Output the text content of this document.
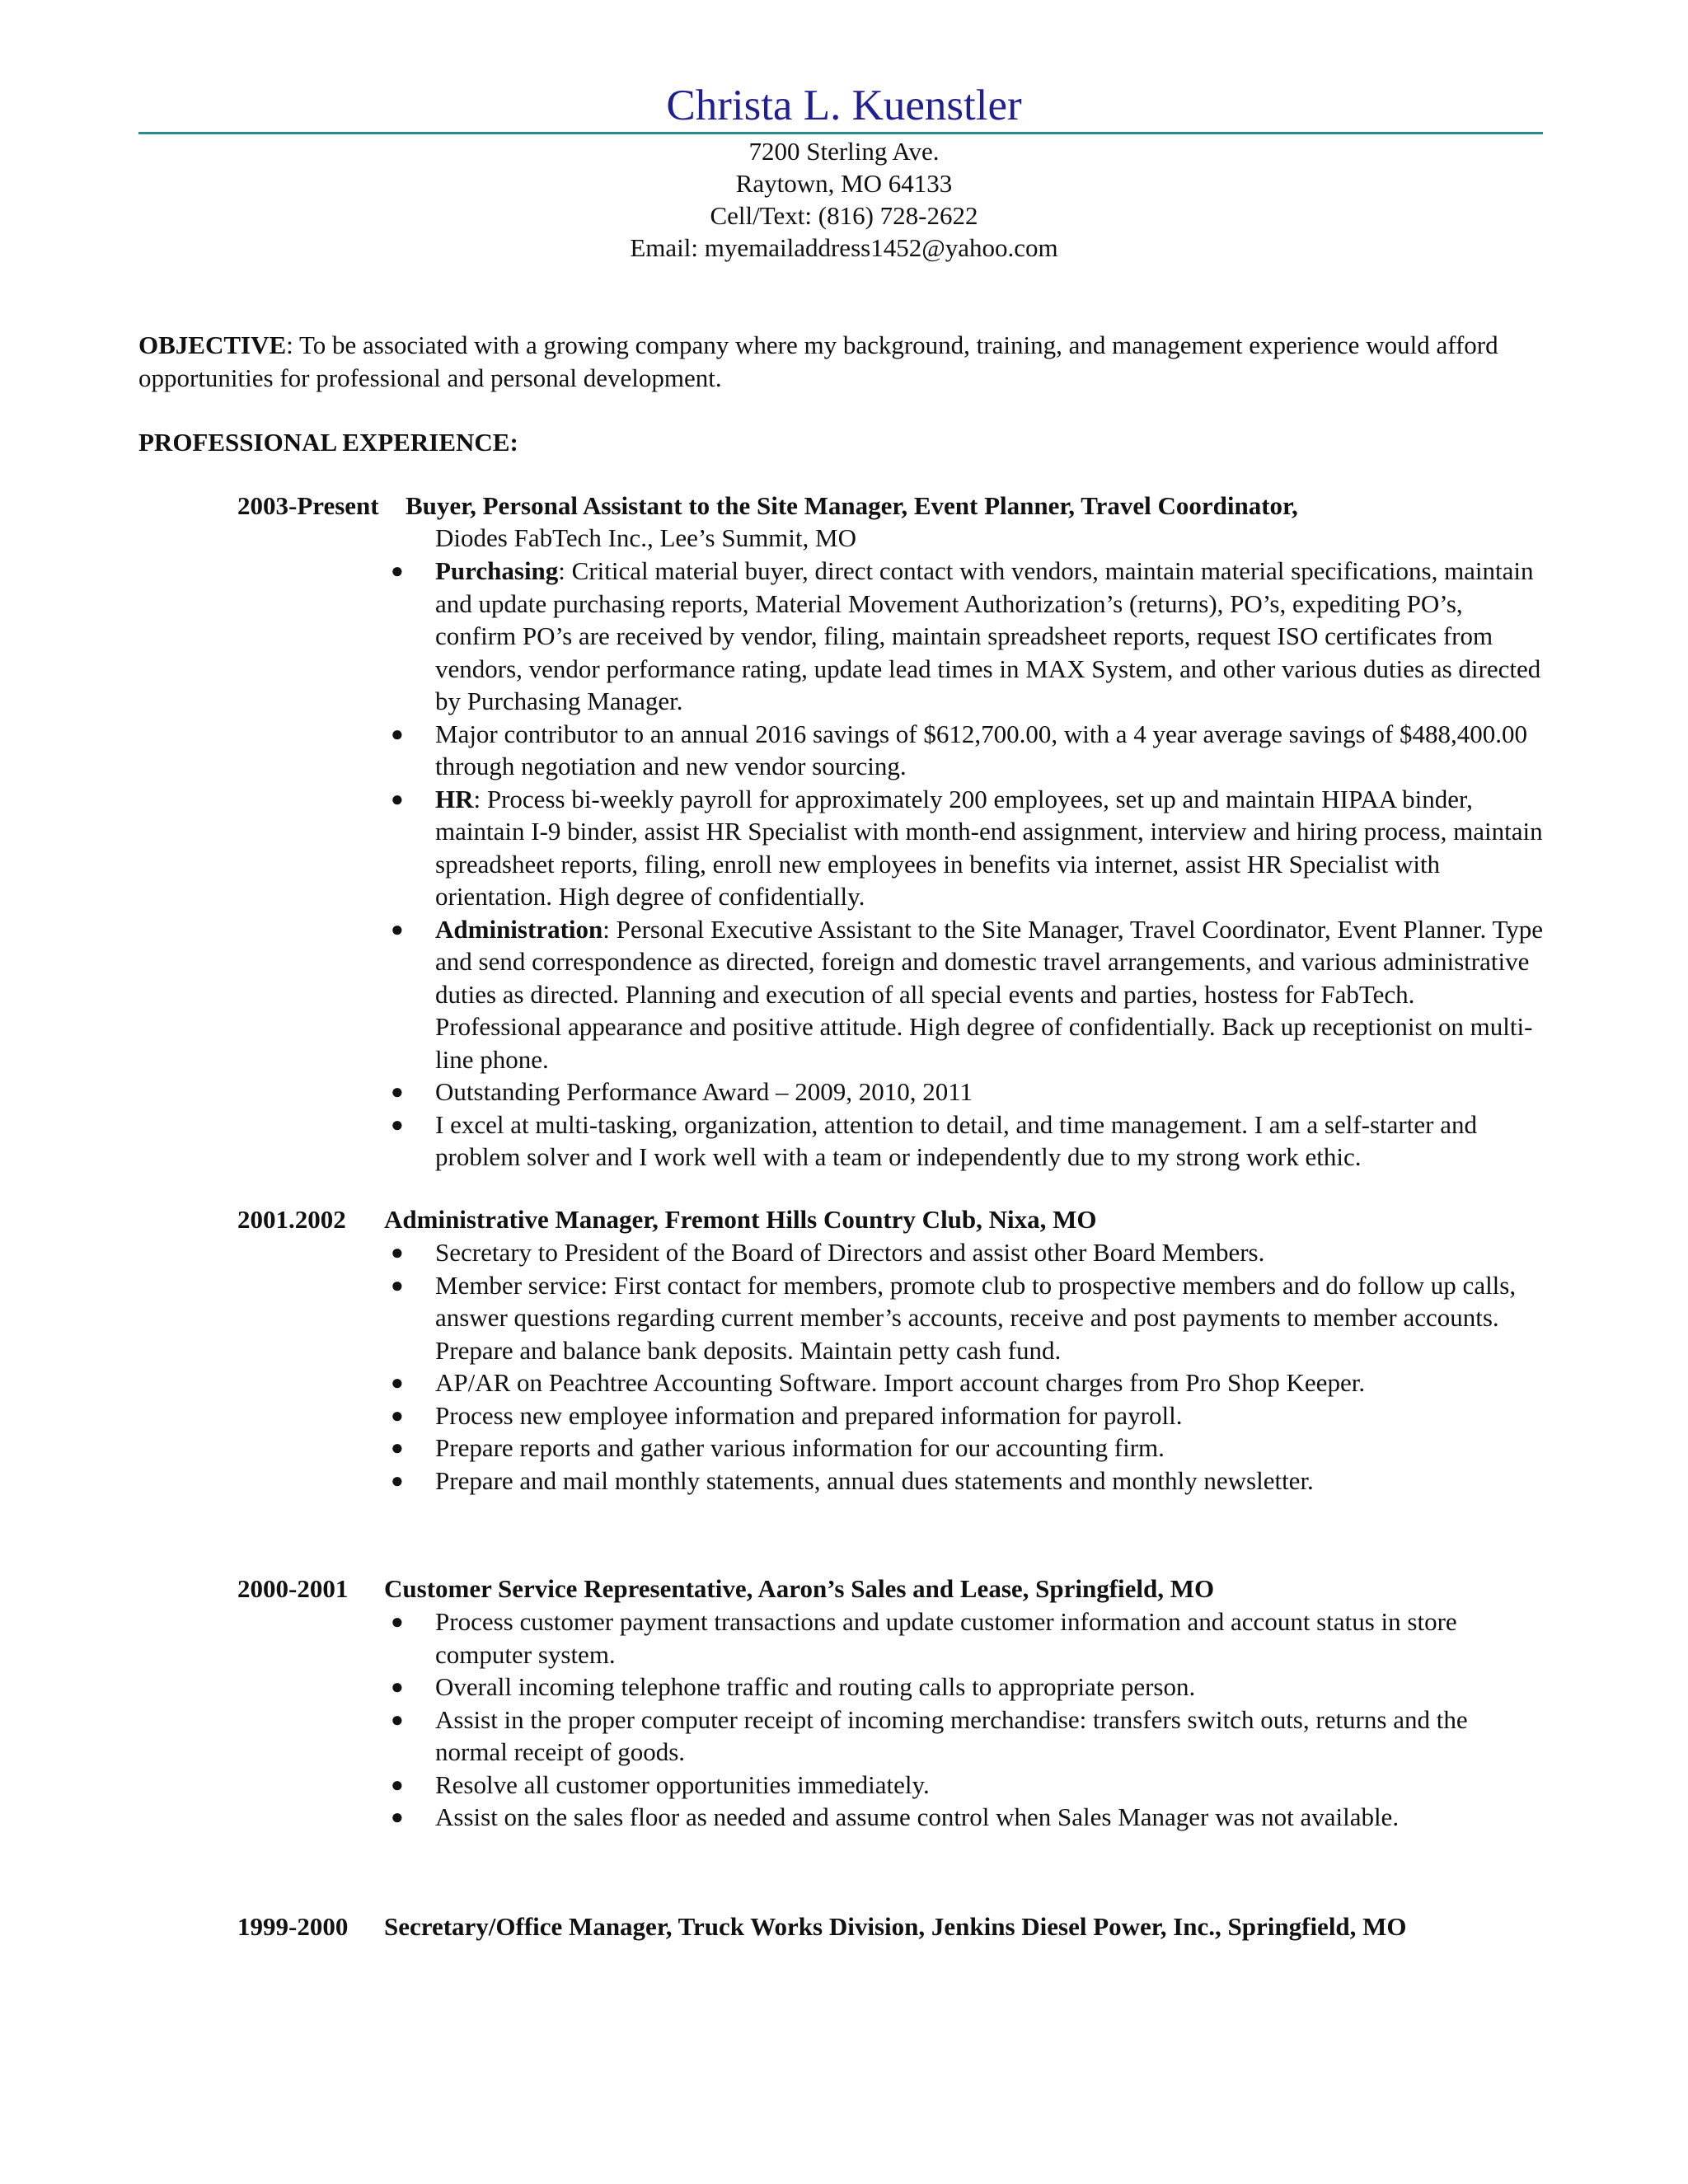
Christa L. Kuenstler
7200 Sterling Ave.
Raytown, MO 64133
Cell/Text: (816) 728-2622
Email: myemailaddress1452@yahoo.com
OBJECTIVE: To be associated with a growing company where my background, training, and management experience would afford opportunities for professional and personal development.
PROFESSIONAL EXPERIENCE:
2003-Present Buyer, Personal Assistant to the Site Manager, Event Planner, Travel Coordinator,
Diodes FabTech Inc., Lee’s Summit, MO
● Purchasing: Critical material buyer, direct contact with vendors, maintain material specifications, maintain and update purchasing reports, Material Movement Authorization’s (returns), PO’s, expediting PO’s, confirm PO’s are received by vendor, filing, maintain spreadsheet reports, request ISO certificates from vendors, vendor performance rating, update lead times in MAX System, and other various duties as directed by Purchasing Manager.
● Major contributor to an annual 2016 savings of $612,700.00, with a 4 year average savings of $488,400.00 through negotiation and new vendor sourcing.
● HR: Process bi-weekly payroll for approximately 200 employees, set up and maintain HIPAA binder, maintain I-9 binder, assist HR Specialist with month-end assignment, interview and hiring process, maintain spreadsheet reports, filing, enroll new employees in benefits via internet, assist HR Specialist with orientation. High degree of confidentially.
● Administration: Personal Executive Assistant to the Site Manager, Travel Coordinator, Event Planner. Type and send correspondence as directed, foreign and domestic travel arrangements, and various administrative duties as directed. Planning and execution of all special events and parties, hostess for FabTech. Professional appearance and positive attitude. High degree of confidentially. Back up receptionist on multi-line phone.
● Outstanding Performance Award – 2009, 2010, 2011
● I excel at multi-tasking, organization, attention to detail, and time management. I am a self-starter and problem solver and I work well with a team or independently due to my strong work ethic.
2001.2002 Administrative Manager, Fremont Hills Country Club, Nixa, MO
● Secretary to President of the Board of Directors and assist other Board Members.
● Member service: First contact for members, promote club to prospective members and do follow up calls, answer questions regarding current member’s accounts, receive and post payments to member accounts. Prepare and balance bank deposits. Maintain petty cash fund.
● AP/AR on Peachtree Accounting Software. Import account charges from Pro Shop Keeper.
● Process new employee information and prepared information for payroll.
● Prepare reports and gather various information for our accounting firm.
● Prepare and mail monthly statements, annual dues statements and monthly newsletter.
2000-2001 Customer Service Representative, Aaron’s Sales and Lease, Springfield, MO
● Process customer payment transactions and update customer information and account status in store computer system.
● Overall incoming telephone traffic and routing calls to appropriate person.
● Assist in the proper computer receipt of incoming merchandise: transfers switch outs, returns and the normal receipt of goods.
● Resolve all customer opportunities immediately.
● Assist on the sales floor as needed and assume control when Sales Manager was not available.
1999-2000 Secretary/Office Manager, Truck Works Division, Jenkins Diesel Power, Inc., Springfield, MO
